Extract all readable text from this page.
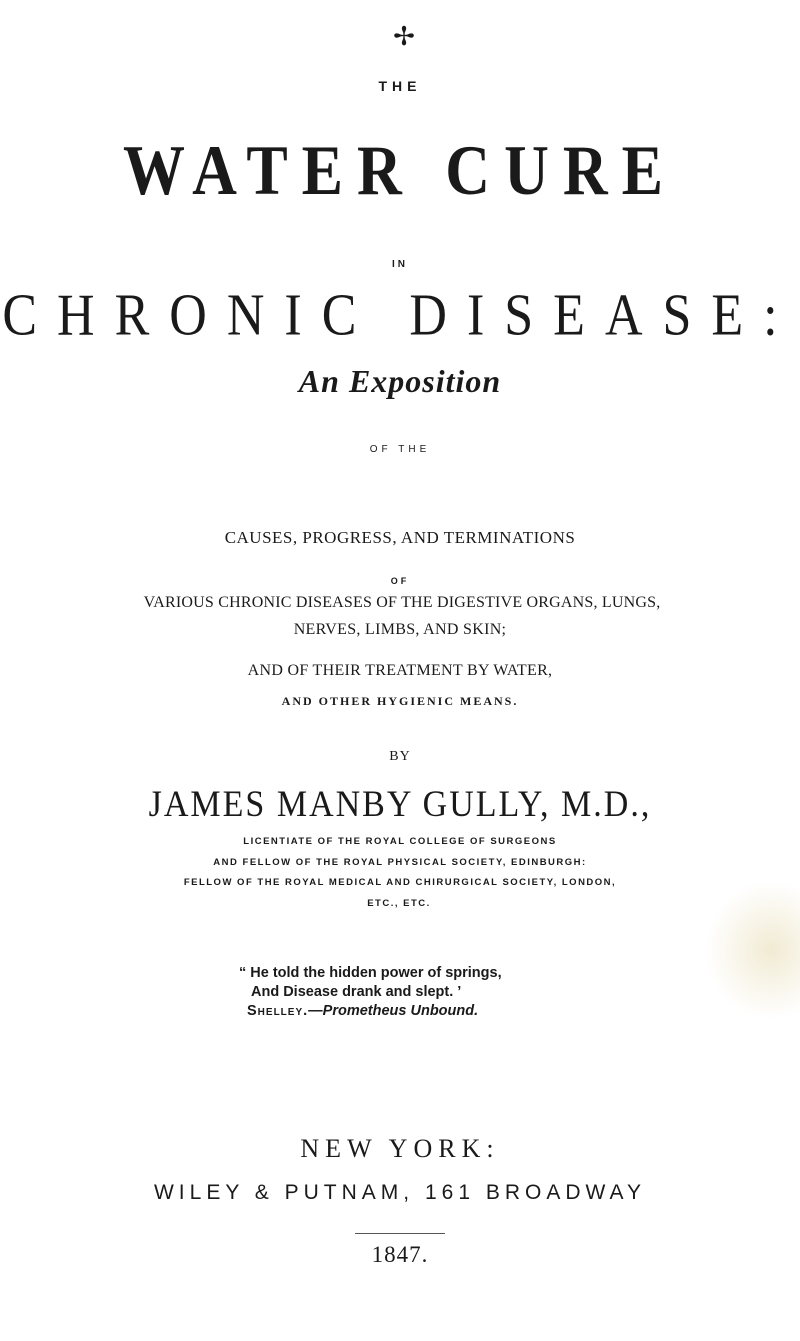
✢
THE
WATER CURE
IN
CHRONIC DISEASE:
An Exposition
OF THE
CAUSES, PROGRESS, AND TERMINATIONS
OF
VARIOUS CHRONIC DISEASES OF THE DIGESTIVE ORGANS, LUNGS,
NERVES, LIMBS, AND SKIN;
AND OF THEIR TREATMENT BY WATER,
AND OTHER HYGIENIC MEANS.
BY
JAMES MANBY GULLY, M.D.,
LICENTIATE OF THE ROYAL COLLEGE OF SURGEONS
AND FELLOW OF THE ROYAL PHYSICAL SOCIETY, EDINBURGH:
FELLOW OF THE ROYAL MEDICAL AND CHIRURGICAL SOCIETY, LONDON,
ETC., ETC.
“ He told the hidden power of springs,
And Disease drank and slept. ’
Shelley.—Prometheus Unbound.
NEW YORK:
WILEY & PUTNAM, 161 BROADWAY
1847.
